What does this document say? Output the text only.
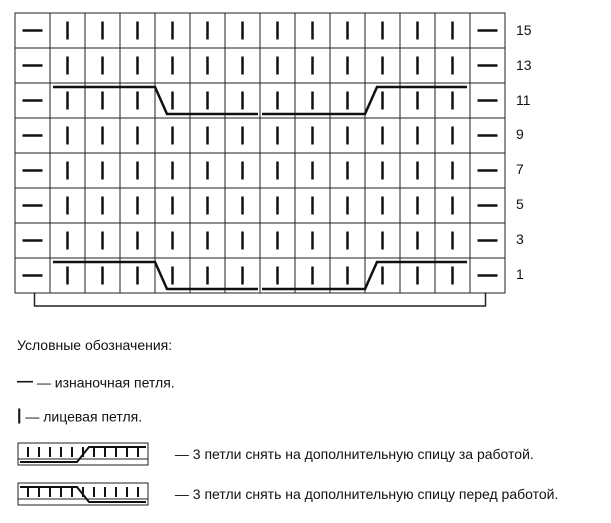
15
13
11
9
7
5
3
1
Условные обозначения:
— — изнаночная петля.
| — лицевая петля.
— 3 петли снять на дополнительную спицу за работой.
— 3 петли снять на дополнительную спицу перед работой.
